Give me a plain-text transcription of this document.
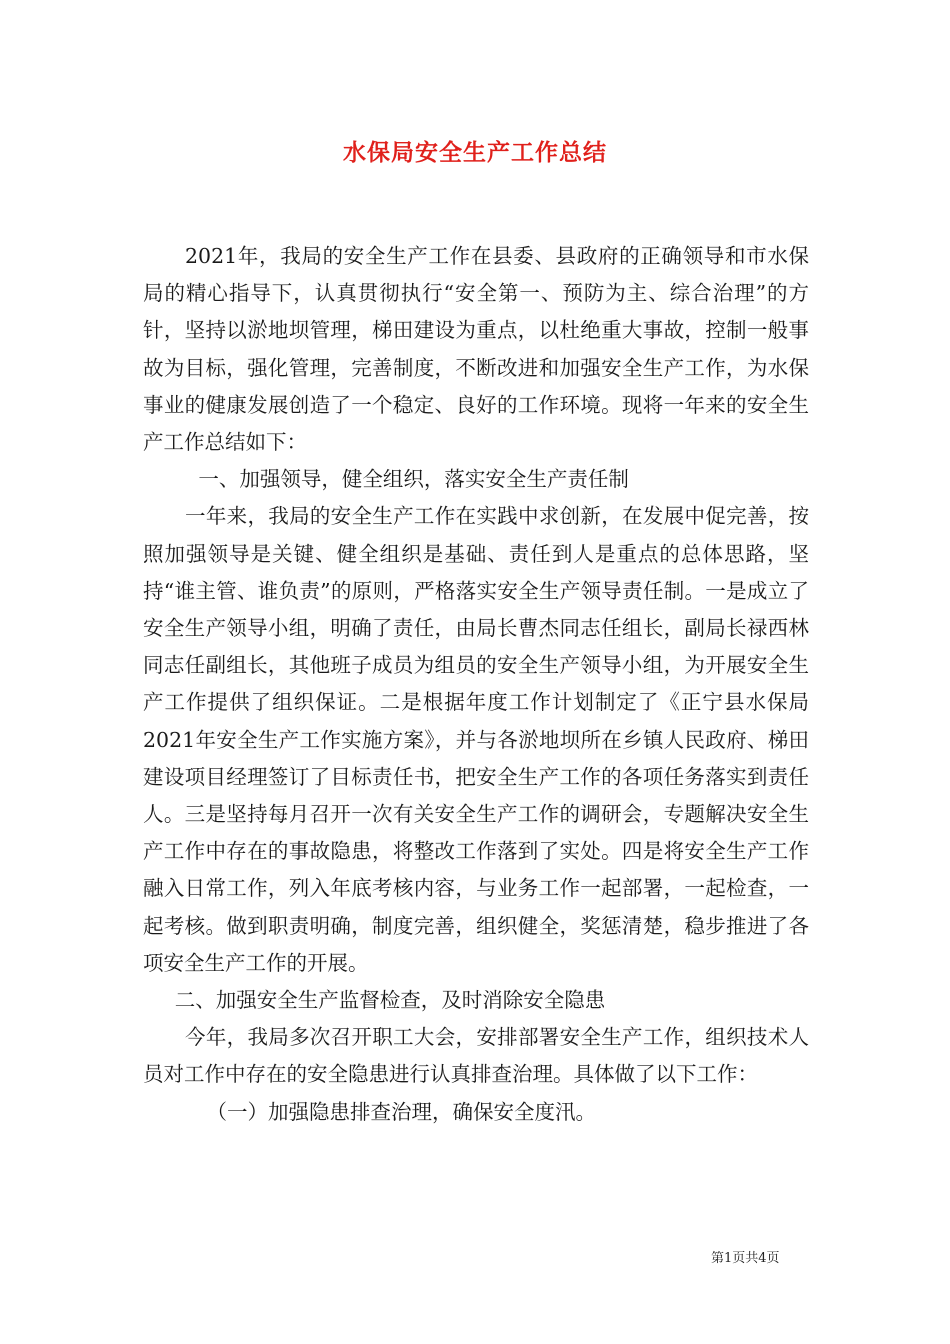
水保局安全生产工作总结

2021年，我局的安全生产工作在县委、县政府的正确领导和市水保局的精心指导下，认真贯彻执行“安全第一、预防为主、综合治理”的方针，坚持以淤地坝管理，梯田建设为重点，以杜绝重大事故，控制一般事故为目标，强化管理，完善制度，不断改进和加强安全生产工作，为水保事业的健康发展创造了一个稳定、良好的工作环境。现将一年来的安全生产工作总结如下：

一、加强领导，健全组织，落实安全生产责任制

一年来，我局的安全生产工作在实践中求创新，在发展中促完善，按照加强领导是关键、健全组织是基础、责任到人是重点的总体思路，坚持“谁主管、谁负责”的原则，严格落实安全生产领导责任制。一是成立了安全生产领导小组，明确了责任，由局长曹杰同志任组长，副局长禄西林同志任副组长，其他班子成员为组员的安全生产领导小组，为开展安全生产工作提供了组织保证。二是根据年度工作计划制定了《正宁县水保局2021年安全生产工作实施方案》，并与各淤地坝所在乡镇人民政府、梯田建设项目经理签订了目标责任书，把安全生产工作的各项任务落实到责任人。三是坚持每月召开一次有关安全生产工作的调研会，专题解决安全生产工作中存在的事故隐患，将整改工作落到了实处。四是将安全生产工作融入日常工作，列入年底考核内容，与业务工作一起部署，一起检查，一起考核。做到职责明确，制度完善，组织健全，奖惩清楚，稳步推进了各项安全生产工作的开展。

二、加强安全生产监督检查，及时消除安全隐患

今年，我局多次召开职工大会，安排部署安全生产工作，组织技术人员对工作中存在的安全隐患进行认真排查治理。具体做了以下工作：

（一）加强隐患排查治理，确保安全度汛。

第1页共4页
